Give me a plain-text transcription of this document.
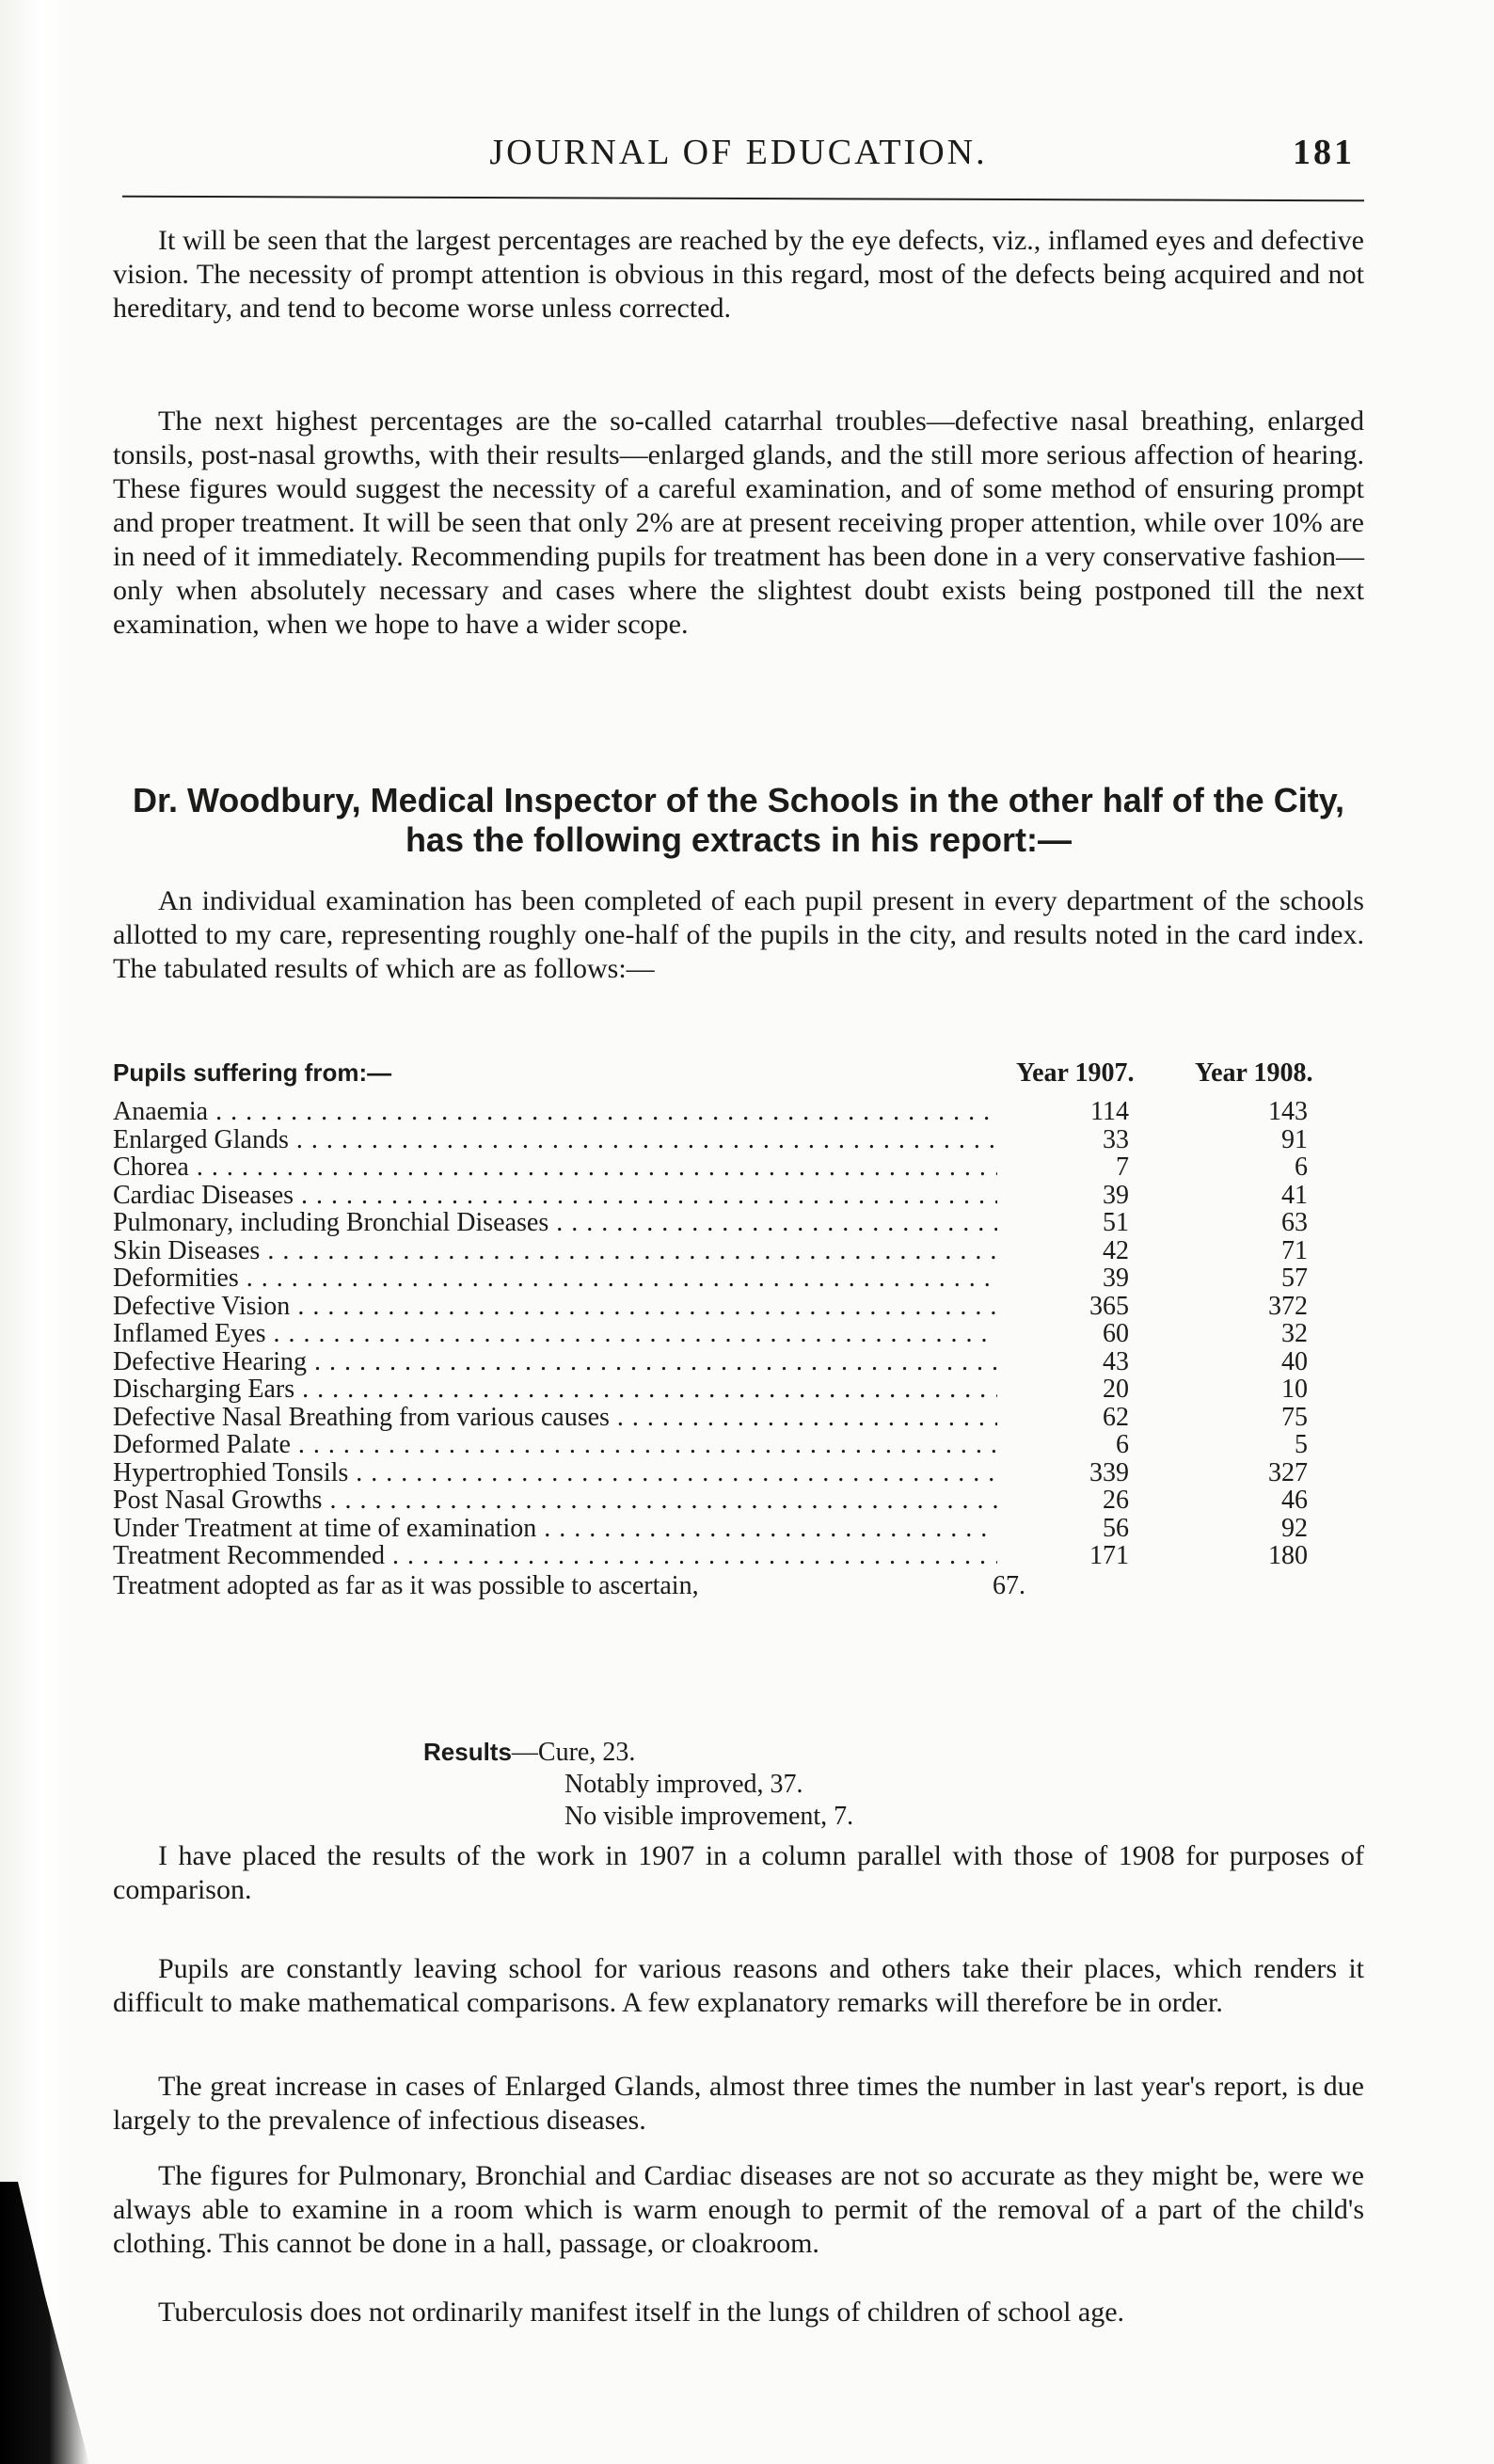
JOURNAL OF EDUCATION.	181

It will be seen that the largest percentages are reached by the eye defects, viz., inflamed eyes and defective vision. The necessity of prompt attention is obvious in this regard, most of the defects being acquired and not hereditary, and tend to become worse unless corrected.

The next highest percentages are the so-called catarrhal troubles—defective nasal breathing, enlarged tonsils, post-nasal growths, with their results—enlarged glands, and the still more serious affection of hearing. These figures would suggest the necessity of a careful examination, and of some method of ensuring prompt and proper treatment. It will be seen that only 2% are at present receiving proper attention, while over 10% are in need of it immediately. Recommending pupils for treatment has been done in a very conservative fashion—only when absolutely necessary and cases where the slightest doubt exists being postponed till the next examination, when we hope to have a wider scope.

Dr. Woodbury, Medical Inspector of the Schools in the other half of the City, has the following extracts in his report:—

An individual examination has been completed of each pupil present in every department of the schools allotted to my care, representing roughly one-half of the pupils in the city, and results noted in the card index. The tabulated results of which are as follows:—

Pupils suffering from:—	Year 1907. Year 1908.
Anaemia . . .	114	143
Enlarged Glands . . .	33	91
Chorea . . .	7	6
Cardiac Diseases . . .	39	41
Pulmonary, including Bronchial Diseases . . .	51	63
Skin Diseases . . .	42	71
Deformities . . .	39	57
Defective Vision . . .	365	372
Inflamed Eyes . . .	60	32
Defective Hearing . . .	43	40
Discharging Ears . . .	20	10
Defective Nasal Breathing from various causes . . .	62	75
Deformed Palate . . .	6	5
Hypertrophied Tonsils . . .	339	327
Post Nasal Growths . . .	26	46
Under Treatment at time of examination . . .	56	92
Treatment Recommended . . .	171	180
Treatment adopted as far as it was possible to ascertain,	67.
Results—Cure, 23.
Notably improved, 37.
No visible improvement, 7.

I have placed the results of the work in 1907 in a column parallel with those of 1908 for purposes of comparison.

Pupils are constantly leaving school for various reasons and others take their places, which renders it difficult to make mathematical comparisons. A few explanatory remarks will therefore be in order.

The great increase in cases of Enlarged Glands, almost three times the number in last year's report, is due largely to the prevalence of infectious diseases.

The figures for Pulmonary, Bronchial and Cardiac diseases are not so accurate as they might be, were we always able to examine in a room which is warm enough to permit of the removal of a part of the child's clothing. This cannot be done in a hall, passage, or cloakroom.

Tuberculosis does not ordinarily manifest itself in the lungs of children of school age.
